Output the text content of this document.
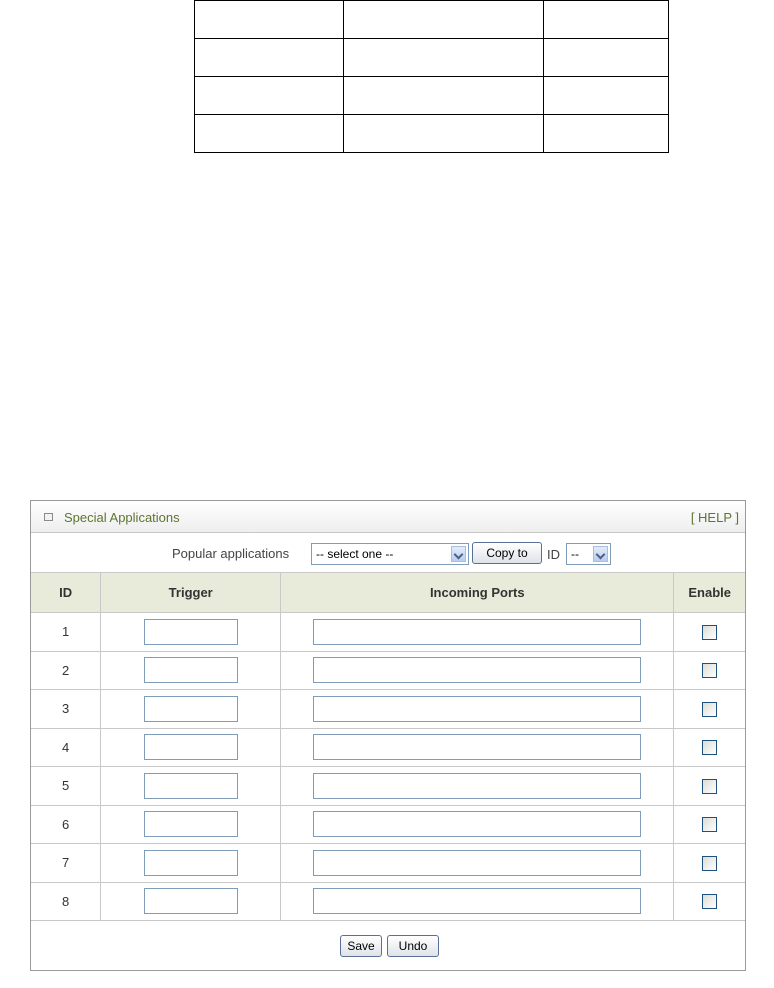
Special Applications	[ HELP ]
Popular applications -- select one --	Copy to	ID --
ID	Trigger	Incoming Ports	Enable
1			
2			
3			
4			
5			
6			
7			
8			
Save	Undo
